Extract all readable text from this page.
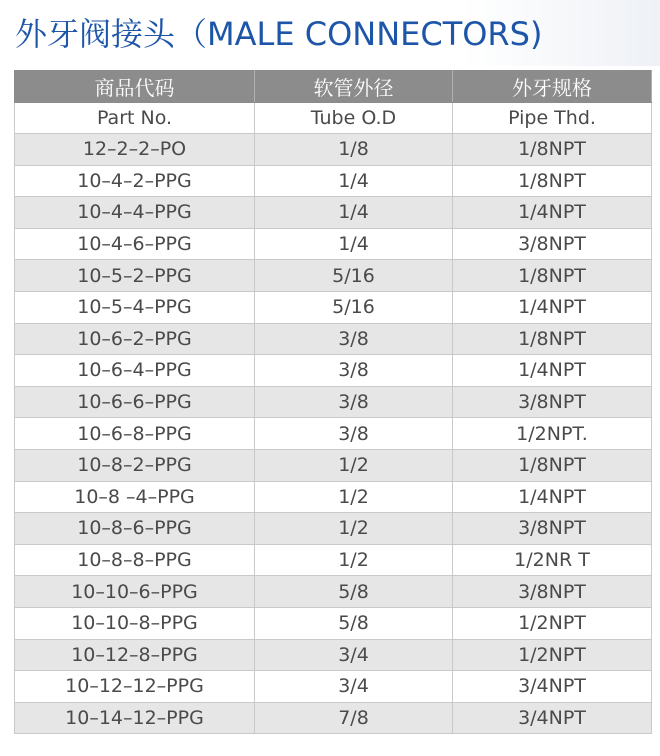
外牙阀接头（MALE CONNECTORS)
商品代码	软管外径	外牙规格
Part No.	Tube O.D	Pipe Thd.
12–2–2–PO	1/8	1/8NPT
10–4–2–PPG	1/4	1/8NPT
10–4–4–PPG	1/4	1/4NPT
10–4–6–PPG	1/4	3/8NPT
10–5–2–PPG	5/16	1/8NPT
10–5–4–PPG	5/16	1/4NPT
10–6–2–PPG	3/8	1/8NPT
10–6–4–PPG	3/8	1/4NPT
10–6–6–PPG	3/8	3/8NPT
10–6–8–PPG	3/8	1/2NPT.
10–8–2–PPG	1/2	1/8NPT
10–8 –4–PPG	1/2	1/4NPT
10–8–6–PPG	1/2	3/8NPT
10–8–8–PPG	1/2	1/2NR T
10–10–6–PPG	5/8	3/8NPT
10–10–8–PPG	5/8	1/2NPT
10–12–8–PPG	3/4	1/2NPT
10–12–12–PPG	3/4	3/4NPT
10–14–12–PPG	7/8	3/4NPT
